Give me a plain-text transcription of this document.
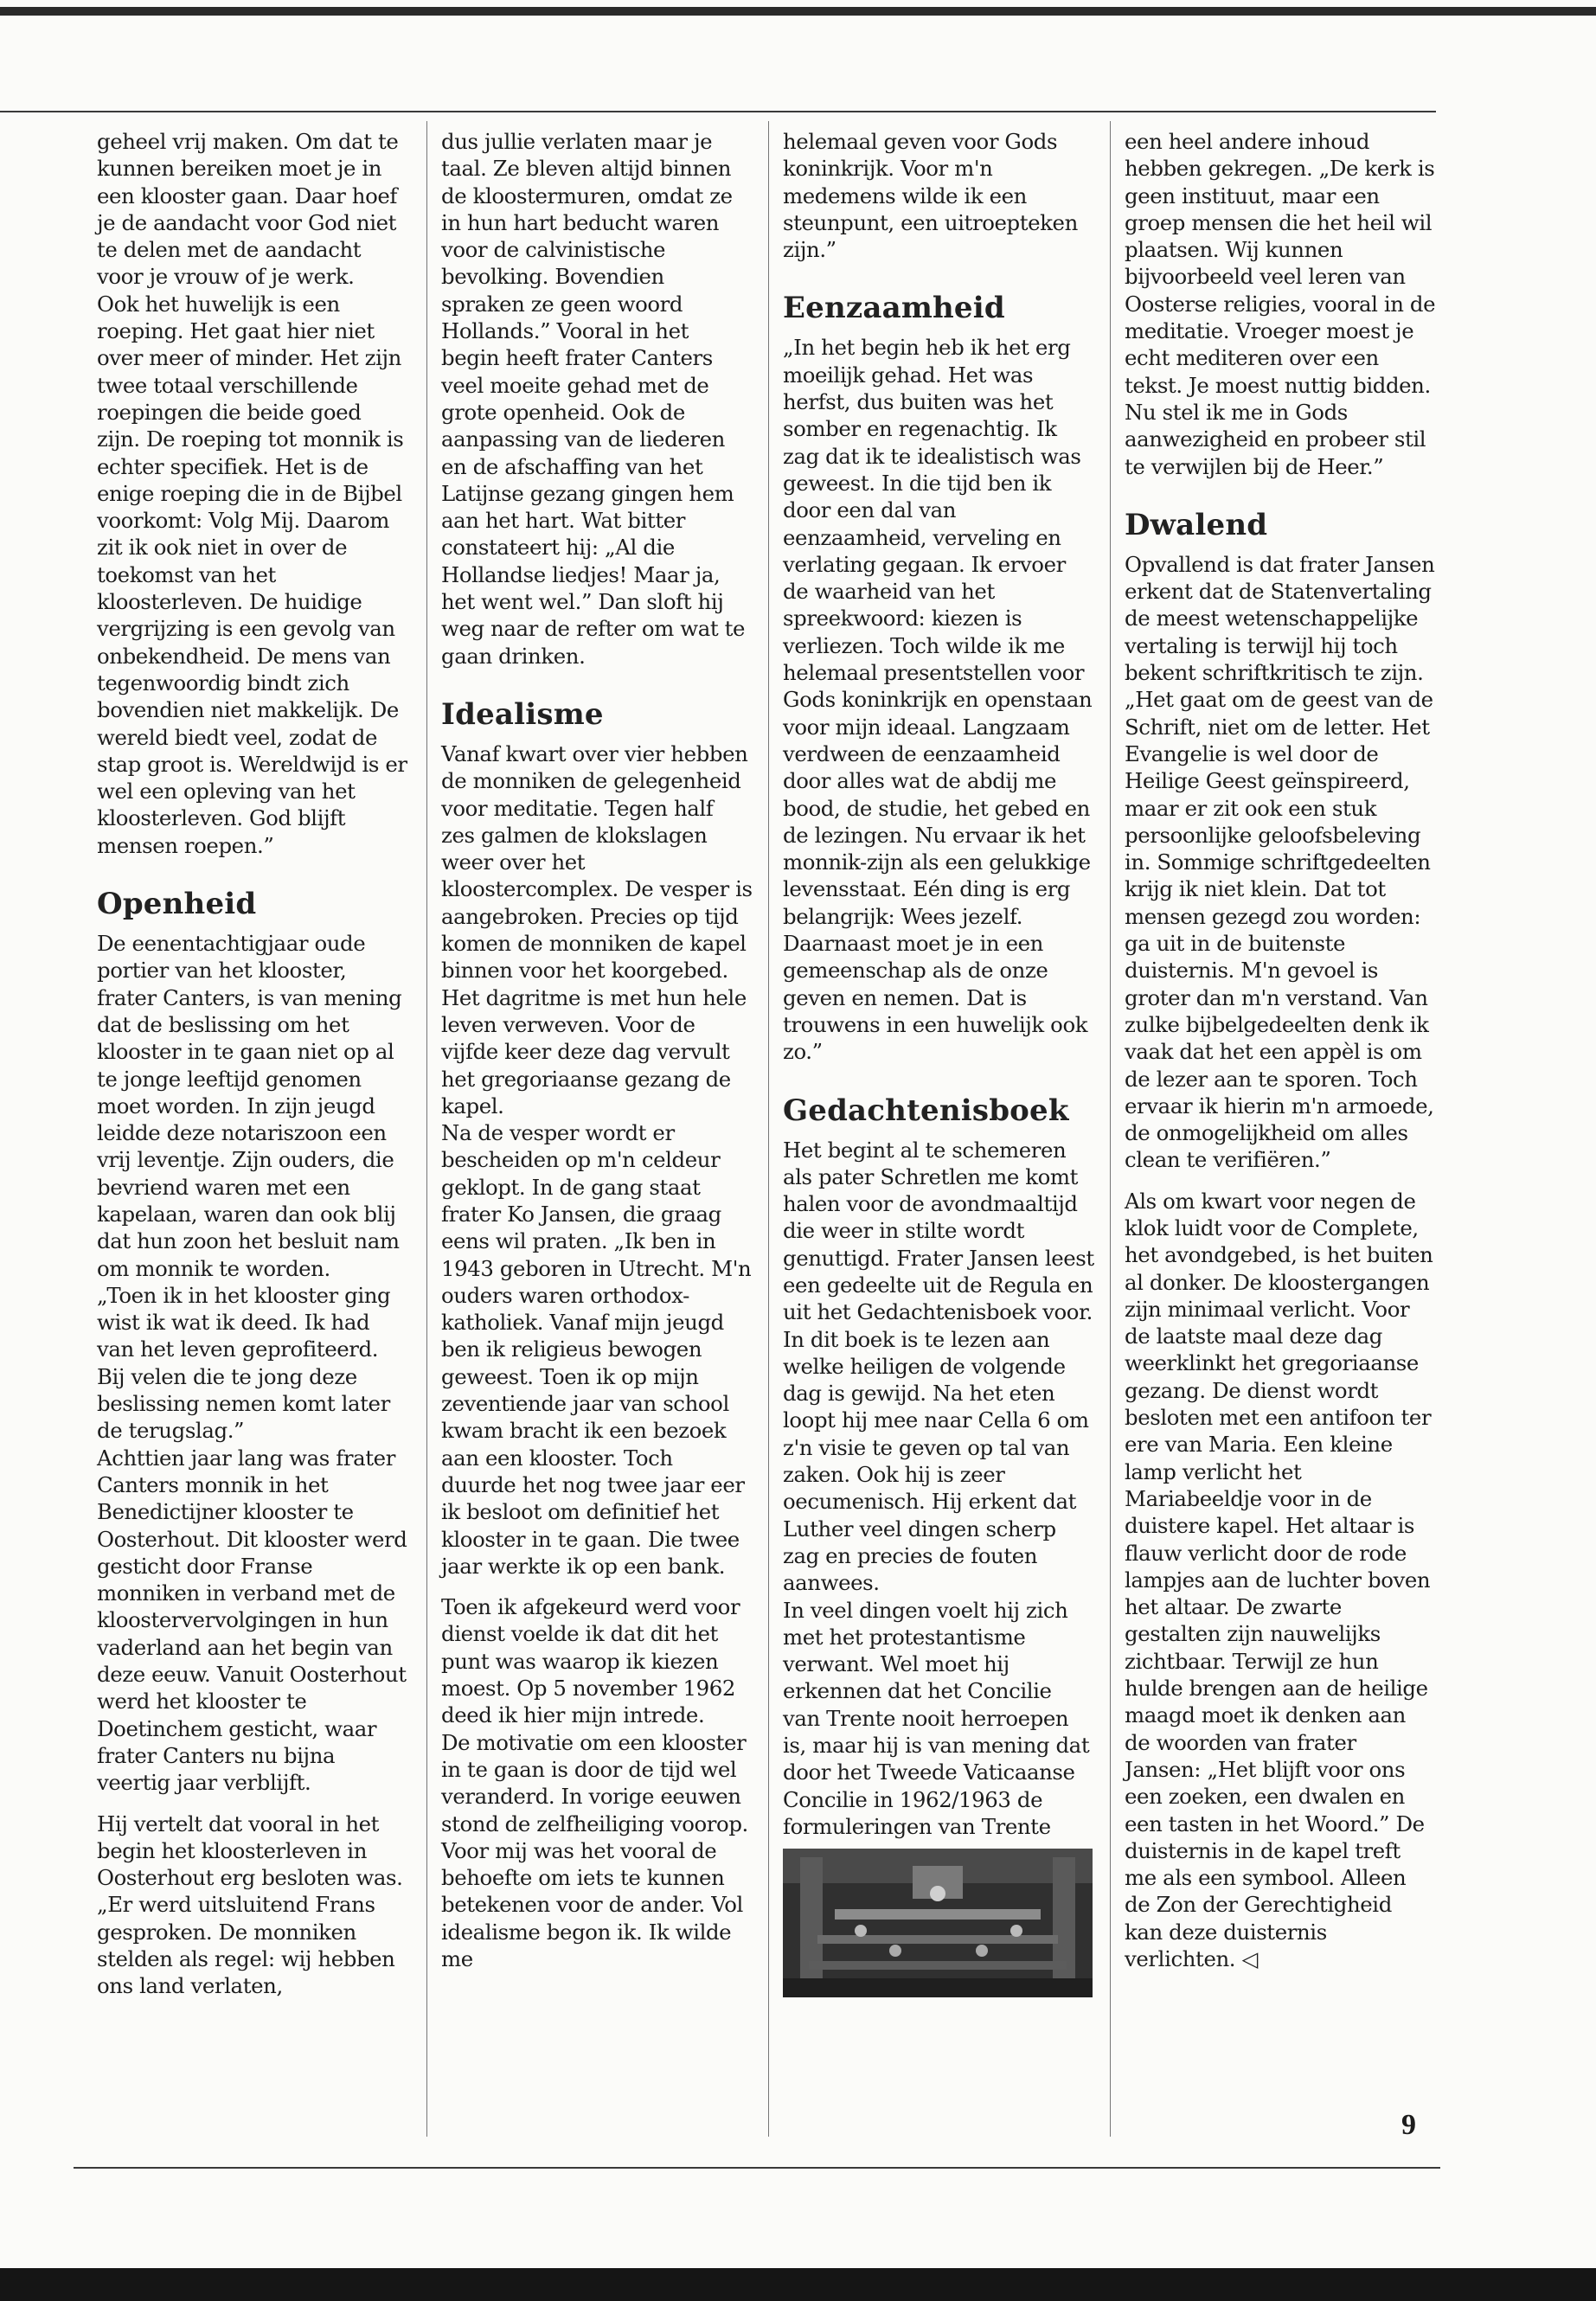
geheel vrij maken. Om dat te kunnen bereiken moet je in een klooster gaan. Daar hoef je de aandacht voor God niet te delen met de aandacht voor je vrouw of je werk.

Ook het huwelijk is een roeping. Het gaat hier niet over meer of minder. Het zijn twee totaal verschillende roepingen die beide goed zijn. De roeping tot monnik is echter specifiek. Het is de enige roeping die in de Bijbel voorkomt: Volg Mij. Daarom zit ik ook niet in over de toekomst van het kloosterleven. De huidige vergrijzing is een gevolg van onbekendheid. De mens van tegenwoordig bindt zich bovendien niet makkelijk. De wereld biedt veel, zodat de stap groot is. Wereldwijd is er wel een opleving van het kloosterleven. God blijft mensen roepen.”

Openheid

De eenentachtigjaar oude portier van het klooster, frater Canters, is van mening dat de beslissing om het klooster in te gaan niet op al te jonge leeftijd genomen moet worden. In zijn jeugd leidde deze notariszoon een vrij leventje. Zijn ouders, die bevriend waren met een kapelaan, waren dan ook blij dat hun zoon het besluit nam om monnik te worden.

„Toen ik in het klooster ging wist ik wat ik deed. Ik had van het leven geprofiteerd. Bij velen die te jong deze beslissing nemen komt later de terugslag.”

Achttien jaar lang was frater Canters monnik in het Benedictijner klooster te Oosterhout. Dit klooster werd gesticht door Franse monniken in verband met de kloostervervolgingen in hun vaderland aan het begin van deze eeuw. Vanuit Oosterhout werd het klooster te Doetinchem gesticht, waar frater Canters nu bijna veertig jaar verblijft.

Hij vertelt dat vooral in het begin het kloosterleven in Oosterhout erg besloten was. „Er werd uitsluitend Frans gesproken. De monniken stelden als regel: wij hebben ons land verlaten,

dus jullie verlaten maar je taal. Ze bleven altijd binnen de kloostermuren, omdat ze in hun hart beducht waren voor de calvinistische bevolking. Bovendien spraken ze geen woord Hollands.” Vooral in het begin heeft frater Canters veel moeite gehad met de grote openheid. Ook de aanpassing van de liederen en de afschaffing van het Latijnse gezang gingen hem aan het hart. Wat bitter constateert hij: „Al die Hollandse liedjes! Maar ja, het went wel.” Dan sloft hij weg naar de refter om wat te gaan drinken.

Idealisme

Vanaf kwart over vier hebben de monniken de gelegenheid voor meditatie. Tegen half zes galmen de klokslagen weer over het kloostercomplex. De vesper is aangebroken. Precies op tijd komen de monniken de kapel binnen voor het koorgebed. Het dagritme is met hun hele leven verweven. Voor de vijfde keer deze dag vervult het gregoriaanse gezang de kapel.

Na de vesper wordt er bescheiden op m'n celdeur geklopt. In de gang staat frater Ko Jansen, die graag eens wil praten. „Ik ben in 1943 geboren in Utrecht. M'n ouders waren orthodox-katholiek. Vanaf mijn jeugd ben ik religieus bewogen geweest. Toen ik op mijn zeventiende jaar van school kwam bracht ik een bezoek aan een klooster. Toch duurde het nog twee jaar eer ik besloot om definitief het klooster in te gaan. Die twee jaar werkte ik op een bank.

Toen ik afgekeurd werd voor dienst voelde ik dat dit het punt was waarop ik kiezen moest. Op 5 november 1962 deed ik hier mijn intrede.

De motivatie om een klooster in te gaan is door de tijd wel veranderd. In vorige eeuwen stond de zelfheiliging voorop. Voor mij was het vooral de behoefte om iets te kunnen betekenen voor de ander. Vol idealisme begon ik. Ik wilde me

helemaal geven voor Gods koninkrijk. Voor m'n medemens wilde ik een steunpunt, een uitroepteken zijn.”

Eenzaamheid

„In het begin heb ik het erg moeilijk gehad. Het was herfst, dus buiten was het somber en regenachtig. Ik zag dat ik te idealistisch was geweest. In die tijd ben ik door een dal van eenzaamheid, verveling en verlating gegaan. Ik ervoer de waarheid van het spreekwoord: kiezen is verliezen. Toch wilde ik me helemaal presentstellen voor Gods koninkrijk en openstaan voor mijn ideaal. Langzaam verdween de eenzaamheid door alles wat de abdij me bood, de studie, het gebed en de lezingen. Nu ervaar ik het monnik-zijn als een gelukkige levensstaat. Eén ding is erg belangrijk: Wees jezelf. Daarnaast moet je in een gemeenschap als de onze geven en nemen. Dat is trouwens in een huwelijk ook zo.”

Gedachtenisboek

Het begint al te schemeren als pater Schretlen me komt halen voor de avondmaaltijd die weer in stilte wordt genuttigd. Frater Jansen leest een gedeelte uit de Regula en uit het Gedachtenisboek voor. In dit boek is te lezen aan welke heiligen de volgende dag is gewijd. Na het eten loopt hij mee naar Cella 6 om z'n visie te geven op tal van zaken. Ook hij is zeer oecumenisch. Hij erkent dat Luther veel dingen scherp zag en precies de fouten aanwees.

In veel dingen voelt hij zich met het protestantisme verwant. Wel moet hij erkennen dat het Concilie van Trente nooit herroepen is, maar hij is van mening dat door het Tweede Vaticaanse Concilie in 1962/1963 de formuleringen van Trente

een heel andere inhoud hebben gekregen. „De kerk is geen instituut, maar een groep mensen die het heil wil plaatsen. Wij kunnen bijvoorbeeld veel leren van Oosterse religies, vooral in de meditatie. Vroeger moest je echt mediteren over een tekst. Je moest nuttig bidden. Nu stel ik me in Gods aanwezigheid en probeer stil te verwijlen bij de Heer.”

Dwalend

Opvallend is dat frater Jansen erkent dat de Statenvertaling de meest wetenschappelijke vertaling is terwijl hij toch bekent schriftkritisch te zijn. „Het gaat om de geest van de Schrift, niet om de letter. Het Evangelie is wel door de Heilige Geest geïnspireerd, maar er zit ook een stuk persoonlijke geloofsbeleving in. Sommige schriftgedeelten krijg ik niet klein. Dat tot mensen gezegd zou worden: ga uit in de buitenste duisternis. M'n gevoel is groter dan m'n verstand. Van zulke bijbelgedeelten denk ik vaak dat het een appèl is om de lezer aan te sporen. Toch ervaar ik hierin m'n armoede, de onmogelijkheid om alles clean te verifiëren.”

Als om kwart voor negen de klok luidt voor de Complete, het avondgebed, is het buiten al donker. De kloostergangen zijn minimaal verlicht. Voor de laatste maal deze dag weerklinkt het gregoriaanse gezang. De dienst wordt besloten met een antifoon ter ere van Maria. Een kleine lamp verlicht het Mariabeeldje voor in de duistere kapel. Het altaar is flauw verlicht door de rode lampjes aan de luchter boven het altaar. De zwarte gestalten zijn nauwelijks zichtbaar. Terwijl ze hun hulde brengen aan de heilige maagd moet ik denken aan de woorden van frater Jansen: „Het blijft voor ons een zoeken, een dwalen en een tasten in het Woord.” De duisternis in de kapel treft me als een symbool. Alleen de Zon der Gerechtigheid kan deze duisternis verlichten. ◁

9
